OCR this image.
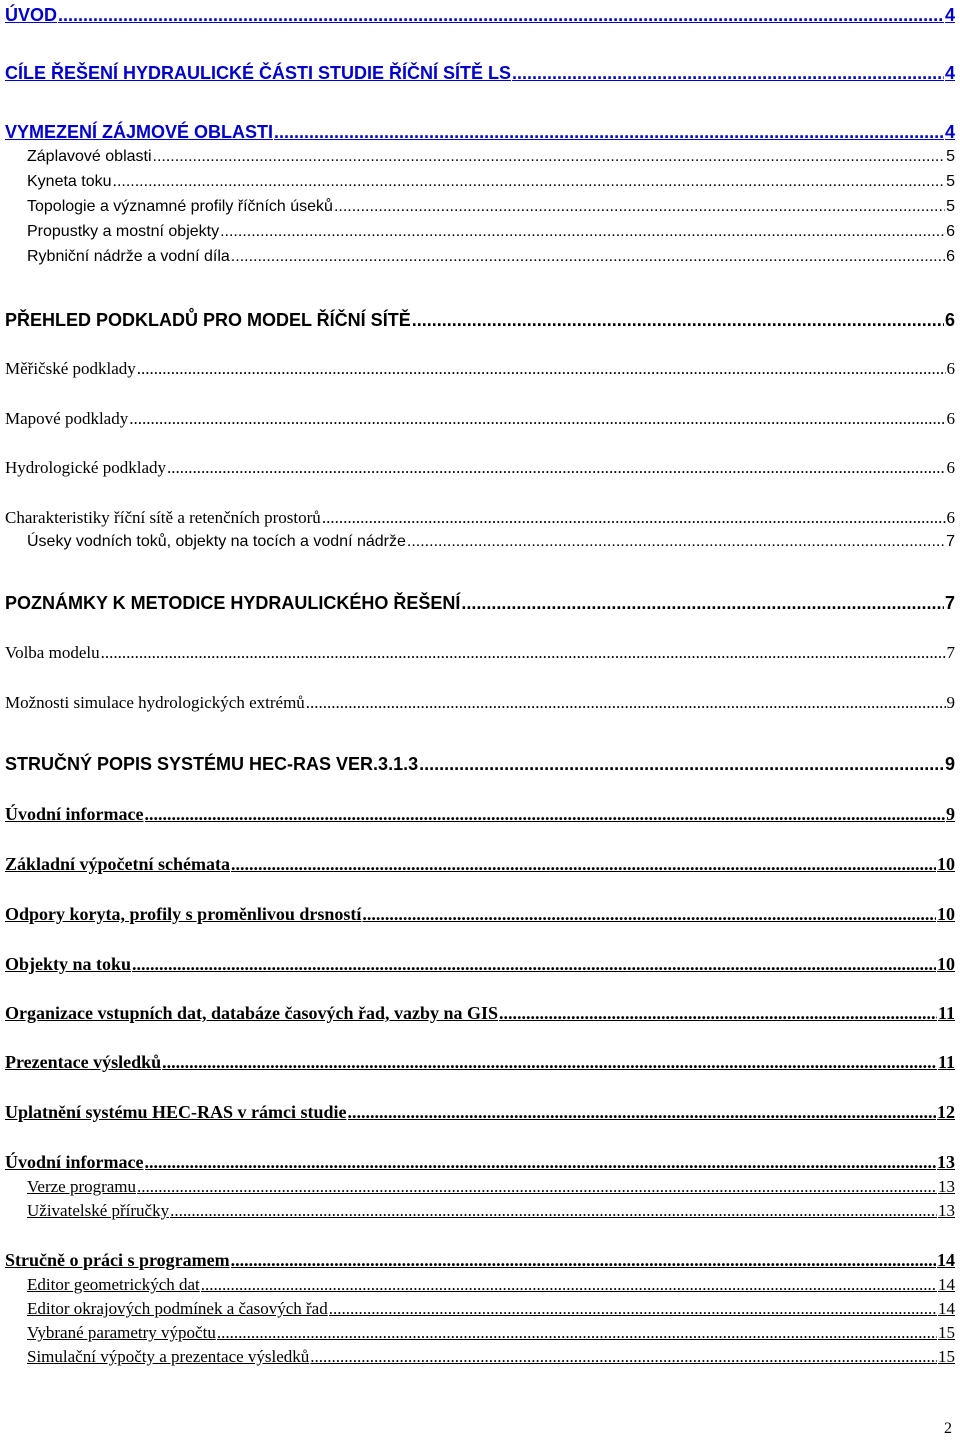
ÚVOD .....	4
CÍLE ŘEŠENÍ HYDRAULICKÉ ČÁSTI STUDIE ŘÍČNÍ SÍTĚ LS .....	4
VYMEZENÍ ZÁJMOVÉ OBLASTI .....	4
Záplavové oblasti .....	5
Kyneta toku .....	5
Topologie a významné profily říčních úseků .....	5
Propustky a mostní objekty .....	6
Rybniční nádrže a vodní díla .....	6
PŘEHLED PODKLADŮ PRO MODEL ŘÍČNÍ SÍTĚ .....	6
Měřičské podklady .....	6
Mapové podklady .....	6
Hydrologické podklady .....	6
Charakteristiky říční sítě a retenčních prostorů .....	6
Úseky vodních toků, objekty na tocích a vodní nádrže .....	7
POZNÁMKY K METODICE HYDRAULICKÉHO ŘEŠENÍ .....	7
Volba modelu .....	7
Možnosti simulace hydrologických extrémů .....	9
STRUČNÝ POPIS SYSTÉMU HEC-RAS VER.3.1.3 .....	9
Úvodní informace .....	9
Základní výpočetní schémata .....	10
Odpory koryta, profily s proměnlivou drsností .....	10
Objekty na toku .....	10
Organizace vstupních dat, databáze časových řad, vazby na GIS .....	11
Prezentace výsledků .....	11
Uplatnění systému HEC-RAS v rámci studie .....	12
Úvodní informace .....	13
Verze programu .....	13
Uživatelské příručky .....	13
Stručně o práci s programem .....	14
Editor geometrických dat .....	14
Editor okrajových podmínek a časových řad .....	14
Vybrané parametry výpočtu .....	15
Simulační výpočty a prezentace výsledků .....	15
2
